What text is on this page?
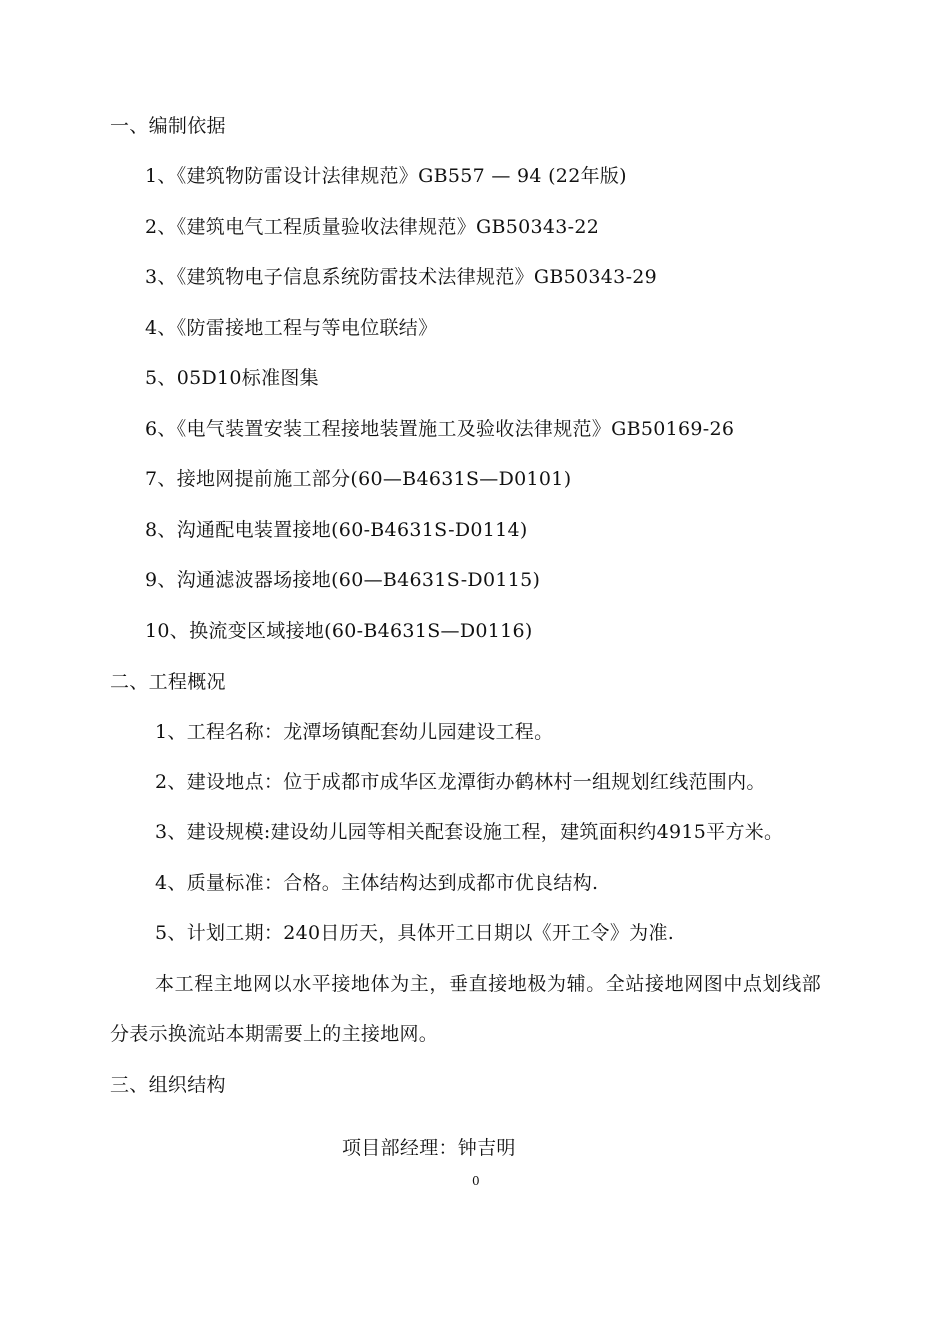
一、编制依据
1、《建筑物防雷设计法律规范》GB557 — 94 (22年版)
2、《建筑电气工程质量验收法律规范》GB50343-22
3、《建筑物电子信息系统防雷技术法律规范》GB50343-29
4、《防雷接地工程与等电位联结》
5、05D10标准图集
6、《电气装置安装工程接地装置施工及验收法律规范》GB50169-26
7、接地网提前施工部分(60—B4631S—D0101)
8、沟通配电装置接地(60-B4631S-D0114)
9、沟通滤波器场接地(60—B4631S-D0115)
10、换流变区域接地(60-B4631S—D0116)
二、工程概况
1、工程名称：龙潭场镇配套幼儿园建设工程。
2、建设地点：位于成都市成华区龙潭街办鹤林村一组规划红线范围内。
3、建设规模:建设幼儿园等相关配套设施工程，建筑面积约4915平方米。
4、质量标准：合格。主体结构达到成都市优良结构.
5、计划工期：240日历天，具体开工日期以《开工令》为准.
本工程主地网以水平接地体为主，垂直接地极为辅。全站接地网图中点划线部
分表示换流站本期需要上的主接地网。
三、组织结构
项目部经理：钟吉明
0
